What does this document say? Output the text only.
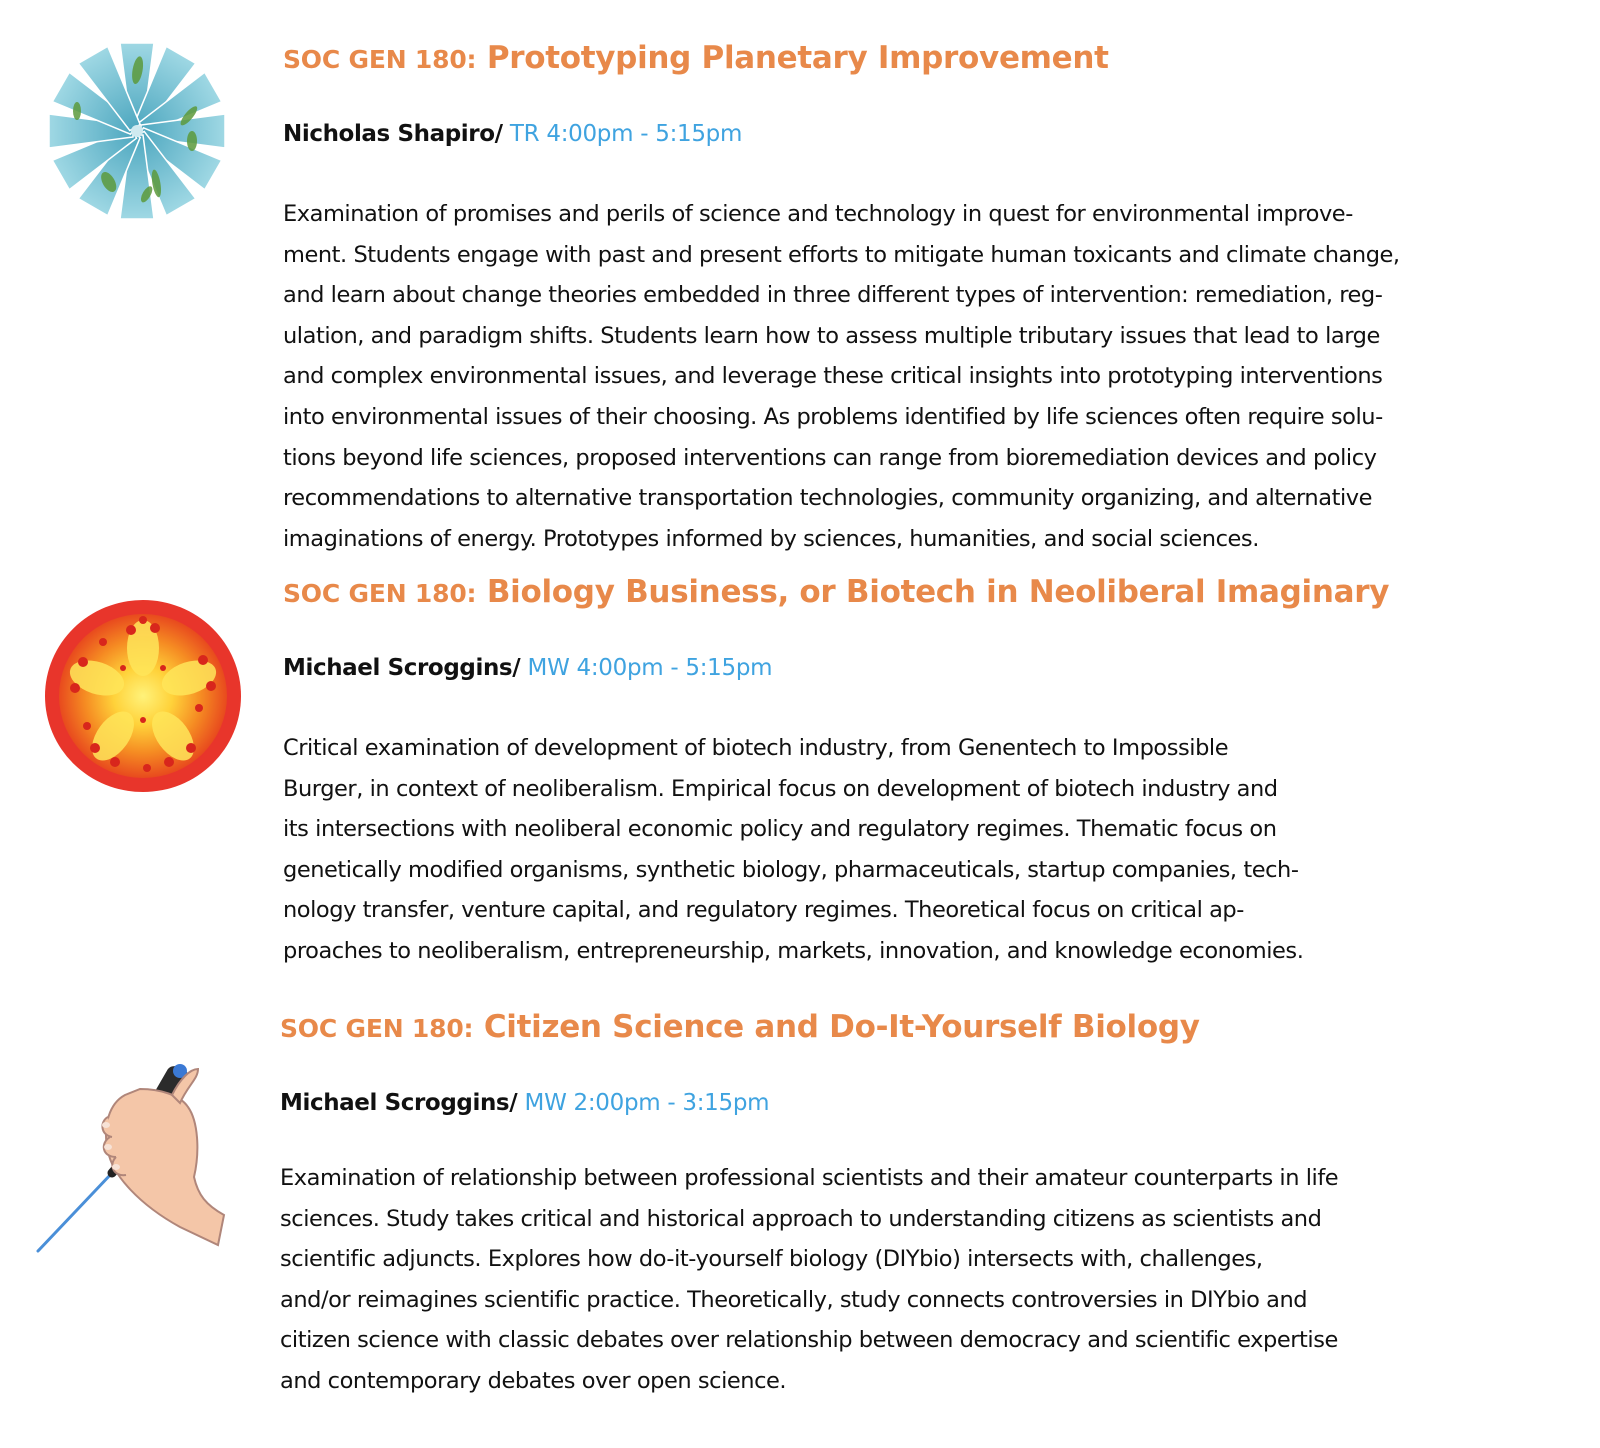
SOC GEN 180: Prototyping Planetary Improvement

Nicholas Shapiro/ TR 4:00pm - 5:15pm

Examination of promises and perils of science and technology in quest for environmental improve-
ment. Students engage with past and present efforts to mitigate human toxicants and climate change,
and learn about change theories embedded in three different types of intervention: remediation, reg-
ulation, and paradigm shifts. Students learn how to assess multiple tributary issues that lead to large
and complex environmental issues, and leverage these critical insights into prototyping interventions
into environmental issues of their choosing. As problems identified by life sciences often require solu-
tions beyond life sciences, proposed interventions can range from bioremediation devices and policy
recommendations to alternative transportation technologies, community organizing, and alternative
imaginations of energy. Prototypes informed by sciences, humanities, and social sciences.

SOC GEN 180: Biology Business, or Biotech in Neoliberal Imaginary

Michael Scroggins/ MW 4:00pm - 5:15pm

Critical examination of development of biotech industry, from Genentech to Impossible
Burger, in context of neoliberalism. Empirical focus on development of biotech industry and
its intersections with neoliberal economic policy and regulatory regimes. Thematic focus on
genetically modified organisms, synthetic biology, pharmaceuticals, startup companies, tech-
nology transfer, venture capital, and regulatory regimes. Theoretical focus on critical ap-
proaches to neoliberalism, entrepreneurship, markets, innovation, and knowledge economies.

SOC GEN 180: Citizen Science and Do-It-Yourself Biology

Michael Scroggins/ MW 2:00pm - 3:15pm

Examination of relationship between professional scientists and their amateur counterparts in life
sciences. Study takes critical and historical approach to understanding citizens as scientists and
scientific adjuncts. Explores how do-it-yourself biology (DIYbio) intersects with, challenges,
and/or reimagines scientific practice. Theoretically, study connects controversies in DIYbio and
citizen science with classic debates over relationship between democracy and scientific expertise
and contemporary debates over open science.
